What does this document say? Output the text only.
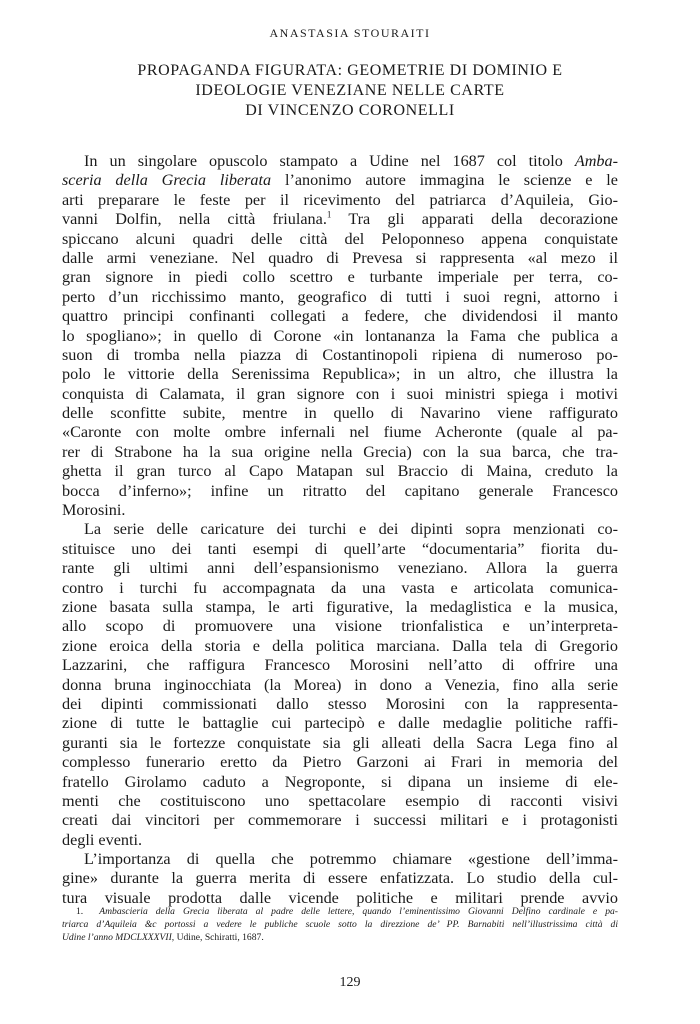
ANASTASIA STOURAITI
PROPAGANDA FIGURATA: GEOMETRIE DI DOMINIO E
IDEOLOGIE VENEZIANE NELLE CARTE
DI VINCENZO CORONELLI
In un singolare opuscolo stampato a Udine nel 1687 col titolo Amba-
sceria della Grecia liberata l’anonimo autore immagina le scienze e le
arti preparare le feste per il ricevimento del patriarca d’Aquileia, Gio-
vanni Dolfin, nella città friulana.$^1$ Tra gli apparati della decorazione
spiccano alcuni quadri delle città del Peloponneso appena conquistate
dalle armi veneziane. Nel quadro di Prevesa si rappresenta «al mezo il
gran signore in piedi collo scettro e turbante imperiale per terra, co-
perto d’un ricchissimo manto, geografico di tutti i suoi regni, attorno i
quattro principi confinanti collegati a federe, che dividendosi il manto
lo spogliano»; in quello di Corone «in lontananza la Fama che publica a
suon di tromba nella piazza di Costantinopoli ripiena di numeroso po-
polo le vittorie della Serenissima Republica»; in un altro, che illustra la
conquista di Calamata, il gran signore con i suoi ministri spiega i motivi
delle sconfitte subite, mentre in quello di Navarino viene raffigurato
«Caronte con molte ombre infernali nel fiume Acheronte (quale al pa-
rer di Strabone ha la sua origine nella Grecia) con la sua barca, che tra-
ghetta il gran turco al Capo Matapan sul Braccio di Maina, creduto la
bocca d’inferno»; infine un ritratto del capitano generale Francesco
Morosini.
La serie delle caricature dei turchi e dei dipinti sopra menzionati co-
stituisce uno dei tanti esempi di quell’arte “documentaria” fiorita du-
rante gli ultimi anni dell’espansionismo veneziano. Allora la guerra
contro i turchi fu accompagnata da una vasta e articolata comunica-
zione basata sulla stampa, le arti figurative, la medaglistica e la musica,
allo scopo di promuovere una visione trionfalistica e un’interpreta-
zione eroica della storia e della politica marciana. Dalla tela di Gregorio
Lazzarini, che raffigura Francesco Morosini nell’atto di offrire una
donna bruna inginocchiata (la Morea) in dono a Venezia, fino alla serie
dei dipinti commissionati dallo stesso Morosini con la rappresenta-
zione di tutte le battaglie cui partecipò e dalle medaglie politiche raffi-
guranti sia le fortezze conquistate sia gli alleati della Sacra Lega fino al
complesso funerario eretto da Pietro Garzoni ai Frari in memoria del
fratello Girolamo caduto a Negroponte, si dipana un insieme di ele-
menti che costituiscono uno spettacolare esempio di racconti visivi
creati dai vincitori per commemorare i successi militari e i protagonisti
degli eventi.
L’importanza di quella che potremmo chiamare «gestione dell’imma-
gine» durante la guerra merita di essere enfatizzata. Lo studio della cul-
tura visuale prodotta dalle vicende politiche e militari prende avvio
1. Ambascieria della Grecia liberata al padre delle lettere, quando l’eminentissimo Giovanni Delfino cardinale e pa-
triarca d’Aquileia &c portossi a vedere le publiche scuole sotto la direzzione de’ PP. Barnabiti nell’illustrissima città di
Udine l’anno MDCLXXXVII, Udine, Schiratti, 1687.
129
